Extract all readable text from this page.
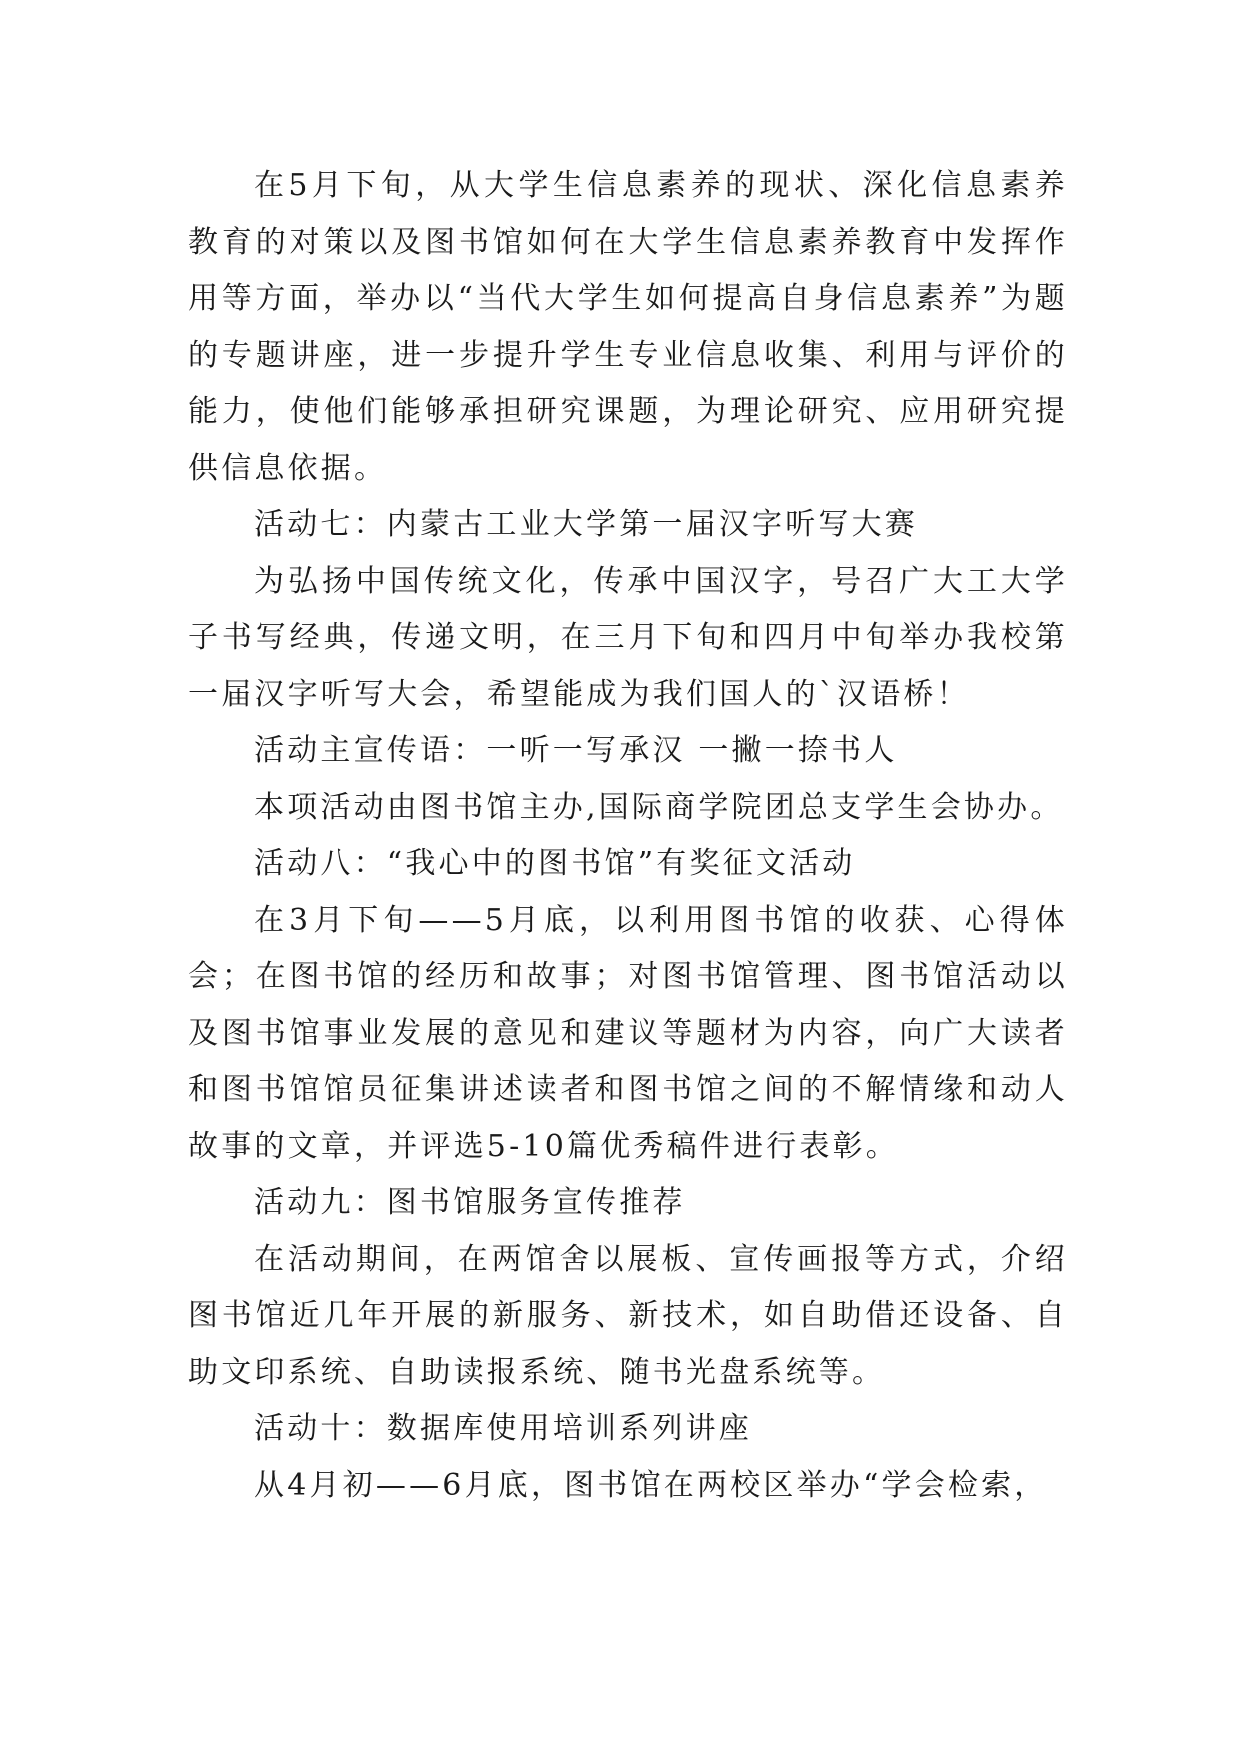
在5月下旬，从大学生信息素养的现状、深化信息素养教育的对策以及图书馆如何在大学生信息素养教育中发挥作用等方面，举办以“当代大学生如何提高自身信息素养”为题的专题讲座，进一步提升学生专业信息收集、利用与评价的能力，使他们能够承担研究课题，为理论研究、应用研究提供信息依据。

活动七：内蒙古工业大学第一届汉字听写大赛

为弘扬中国传统文化，传承中国汉字，号召广大工大学子书写经典，传递文明，在三月下旬和四月中旬举办我校第一届汉字听写大会，希望能成为我们国人的`汉语桥！

活动主宣传语：一听一写承汉 一撇一捺书人

本项活动由图书馆主办,国际商学院团总支学生会协办。

活动八：“我心中的图书馆”有奖征文活动

在3月下旬——5月底，以利用图书馆的收获、心得体会；在图书馆的经历和故事；对图书馆管理、图书馆活动以及图书馆事业发展的意见和建议等题材为内容，向广大读者和图书馆馆员征集讲述读者和图书馆之间的不解情缘和动人故事的文章，并评选5-10篇优秀稿件进行表彰。

活动九：图书馆服务宣传推荐

在活动期间，在两馆舍以展板、宣传画报等方式，介绍图书馆近几年开展的新服务、新技术，如自助借还设备、自助文印系统、自助读报系统、随书光盘系统等。

活动十：数据库使用培训系列讲座

从4月初——6月底，图书馆在两校区举办“学会检索，
